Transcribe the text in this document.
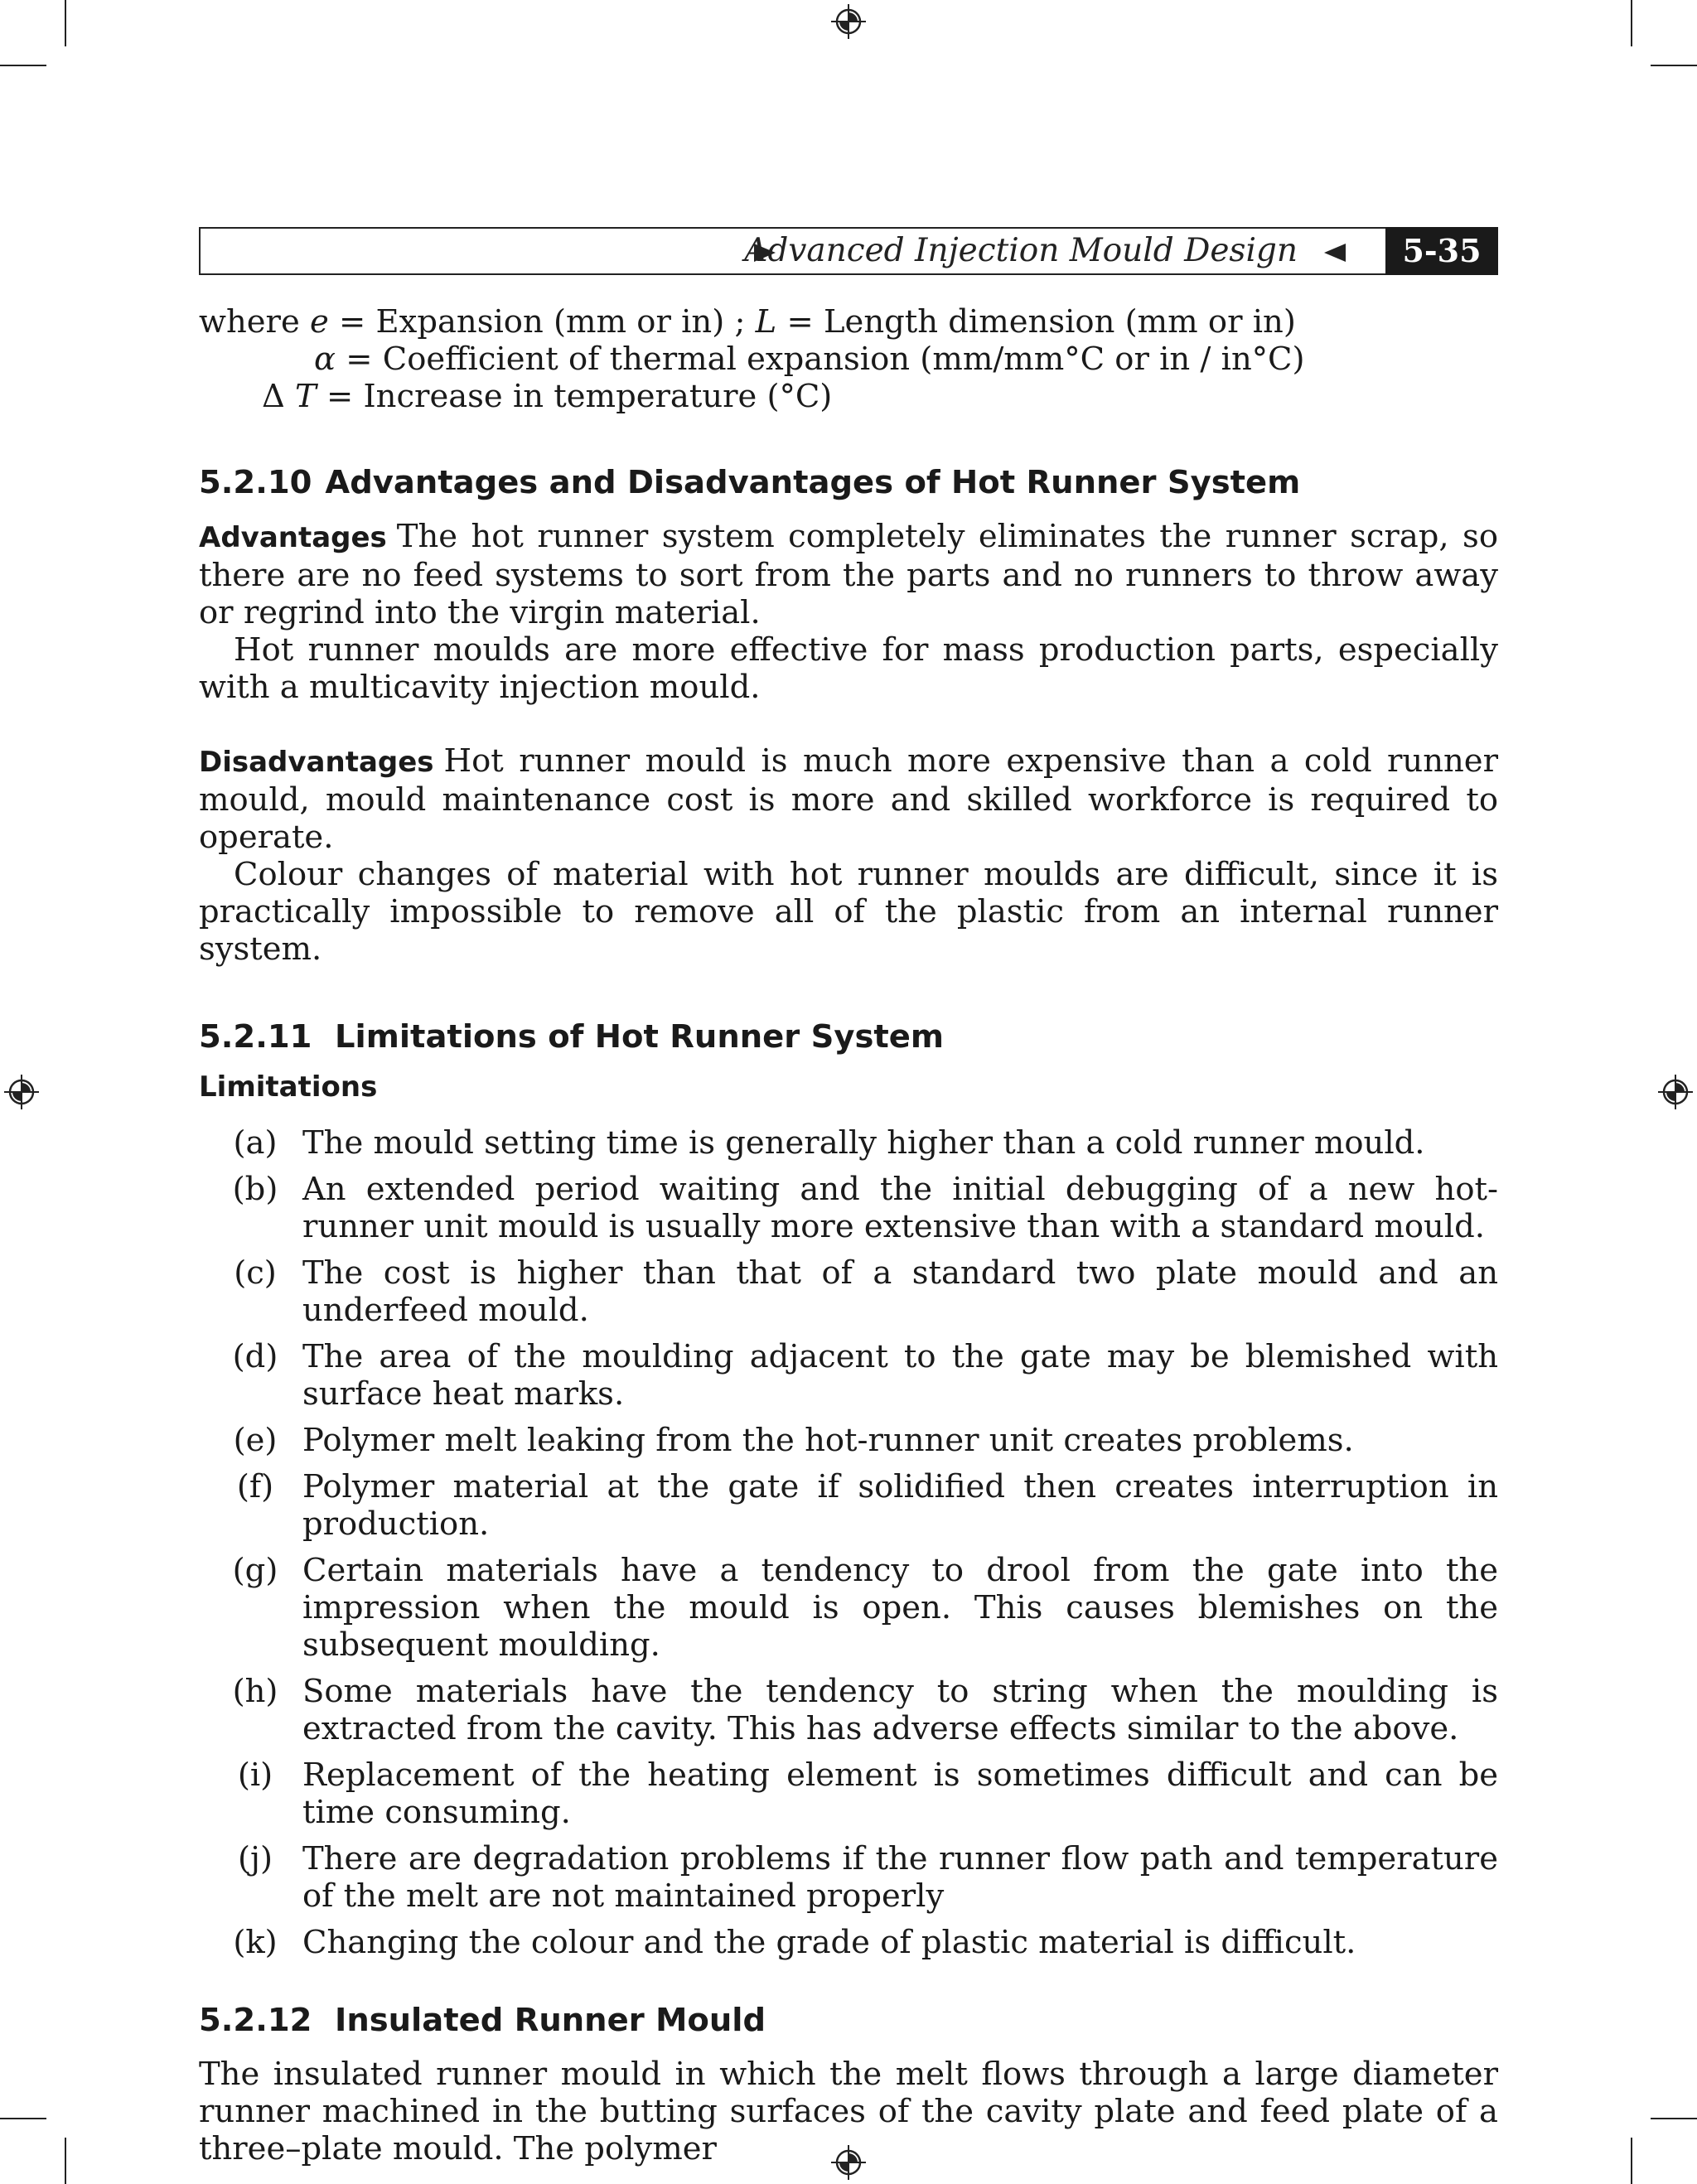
Advanced Injection Mould Design	5-35
where e = Expansion (mm or in) ; L = Length dimension (mm or in)
α = Coefficient of thermal expansion (mm/mm°C or in / in°C)
Δ T = Increase in temperature (°C)
5.2.10 Advantages and Disadvantages of Hot Runner System

Advantages The hot runner system completely eliminates the runner scrap, so there are no feed systems to sort from the parts and no runners to throw away or regrind into the virgin material.

Hot runner moulds are more effective for mass production parts, especially with a multicavity injection mould.

Disadvantages Hot runner mould is much more expensive than a cold runner mould, mould maintenance cost is more and skilled workforce is required to operate.

Colour changes of material with hot runner moulds are difficult, since it is practically impossible to remove all of the plastic from an internal runner system.

5.2.11 Limitations of Hot Runner System
Limitations
(a) The mould setting time is generally higher than a cold runner mould.
(b) An extended period waiting and the initial debugging of a new hot-runner unit mould is usually more extensive than with a standard mould.
(c) The cost is higher than that of a standard two plate mould and an underfeed mould.
(d) The area of the moulding adjacent to the gate may be blemished with surface heat marks.
(e) Polymer melt leaking from the hot-runner unit creates problems.
(f) Polymer material at the gate if solidified then creates interruption in production.
(g) Certain materials have a tendency to drool from the gate into the impression when the mould is open. This causes blemishes on the subsequent moulding.
(h) Some materials have the tendency to string when the moulding is extracted from the cavity. This has adverse effects similar to the above.
(i) Replacement of the heating element is sometimes difficult and can be time consuming.
(j) There are degradation problems if the runner flow path and temperature of the melt are not maintained properly
(k) Changing the colour and the grade of plastic material is difficult.
5.2.12 Insulated Runner Mould

The insulated runner mould in which the melt flows through a large diameter runner machined in the butting surfaces of the cavity plate and feed plate of a three–plate mould. The polymer
